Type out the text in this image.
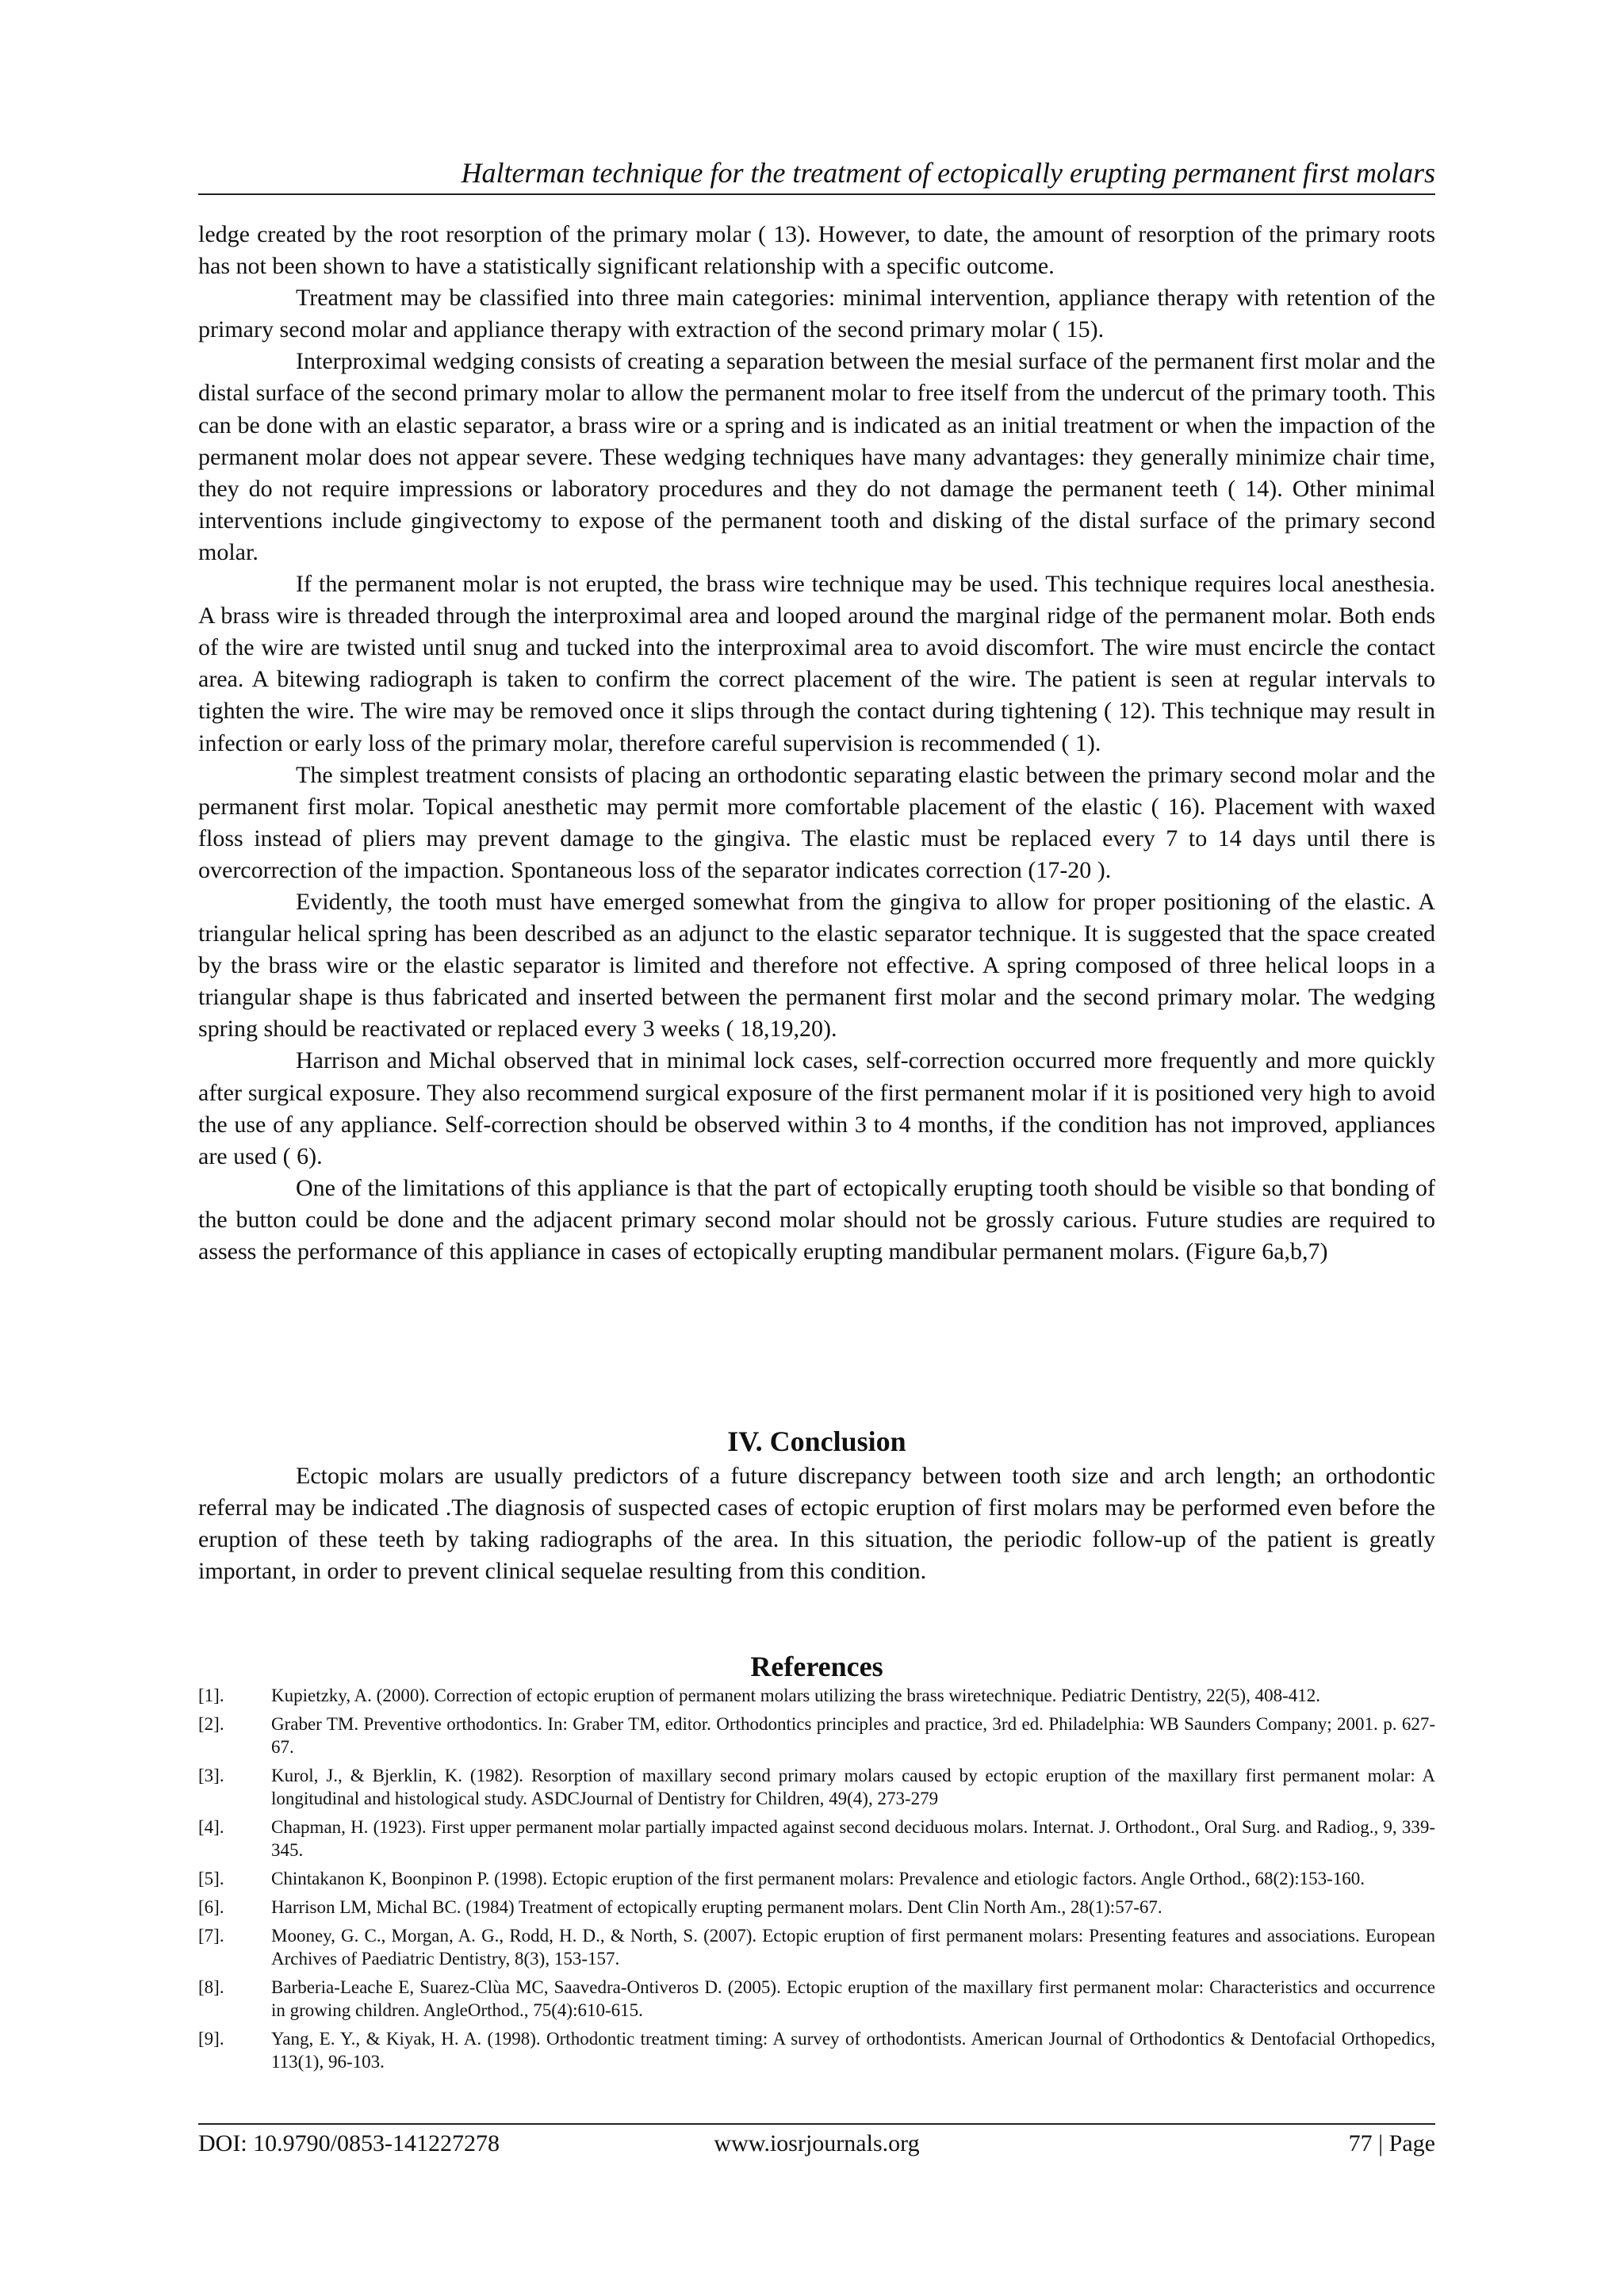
Halterman technique for the treatment of ectopically erupting permanent first molars

ledge created by the root resorption of the primary molar ( 13). However, to date, the amount of resorption of the primary roots has not been shown to have a statistically significant relationship with a specific outcome.

Treatment may be classified into three main categories: minimal intervention, appliance therapy with retention of the primary second molar and appliance therapy with extraction of the second primary molar ( 15).

Interproximal wedging consists of creating a separation between the mesial surface of the permanent first molar and the distal surface of the second primary molar to allow the permanent molar to free itself from the undercut of the primary tooth. This can be done with an elastic separator, a brass wire or a spring and is indicated as an initial treatment or when the impaction of the permanent molar does not appear severe. These wedging techniques have many advantages: they generally minimize chair time, they do not require impressions or laboratory procedures and they do not damage the permanent teeth ( 14). Other minimal interventions include gingivectomy to expose of the permanent tooth and disking of the distal surface of the primary second molar.

If the permanent molar is not erupted, the brass wire technique may be used. This technique requires local anesthesia. A brass wire is threaded through the interproximal area and looped around the marginal ridge of the permanent molar. Both ends of the wire are twisted until snug and tucked into the interproximal area to avoid discomfort. The wire must encircle the contact area. A bitewing radiograph is taken to confirm the correct placement of the wire. The patient is seen at regular intervals to tighten the wire. The wire may be removed once it slips through the contact during tightening ( 12). This technique may result in infection or early loss of the primary molar, therefore careful supervision is recommended ( 1).

The simplest treatment consists of placing an orthodontic separating elastic between the primary second molar and the permanent first molar. Topical anesthetic may permit more comfortable placement of the elastic ( 16). Placement with waxed floss instead of pliers may prevent damage to the gingiva. The elastic must be replaced every 7 to 14 days until there is overcorrection of the impaction. Spontaneous loss of the separator indicates correction (17-20 ).

Evidently, the tooth must have emerged somewhat from the gingiva to allow for proper positioning of the elastic. A triangular helical spring has been described as an adjunct to the elastic separator technique. It is suggested that the space created by the brass wire or the elastic separator is limited and therefore not effective. A spring composed of three helical loops in a triangular shape is thus fabricated and inserted between the permanent first molar and the second primary molar. The wedging spring should be reactivated or replaced every 3 weeks ( 18,19,20).

Harrison and Michal observed that in minimal lock cases, self-correction occurred more frequently and more quickly after surgical exposure. They also recommend surgical exposure of the first permanent molar if it is positioned very high to avoid the use of any appliance. Self-correction should be observed within 3 to 4 months, if the condition has not improved, appliances are used ( 6).

One of the limitations of this appliance is that the part of ectopically erupting tooth should be visible so that bonding of the button could be done and the adjacent primary second molar should not be grossly carious. Future studies are required to assess the performance of this appliance in cases of ectopically erupting mandibular permanent molars. (Figure 6a,b,7)

IV. Conclusion

Ectopic molars are usually predictors of a future discrepancy between tooth size and arch length; an orthodontic referral may be indicated .The diagnosis of suspected cases of ectopic eruption of first molars may be performed even before the eruption of these teeth by taking radiographs of the area. In this situation, the periodic follow-up of the patient is greatly important, in order to prevent clinical sequelae resulting from this condition.

References
[1].	Kupietzky, A. (2000). Correction of ectopic eruption of permanent molars utilizing the brass wiretechnique. Pediatric Dentistry, 22(5), 408-412.
[2].	Graber TM. Preventive orthodontics. In: Graber TM, editor. Orthodontics principles and practice, 3rd ed. Philadelphia: WB Saunders Company; 2001. p. 627-67.
[3].	Kurol, J., & Bjerklin, K. (1982). Resorption of maxillary second primary molars caused by ectopic eruption of the maxillary first permanent molar: A longitudinal and histological study. ASDCJournal of Dentistry for Children, 49(4), 273-279
[4].	Chapman, H. (1923). First upper permanent molar partially impacted against second deciduous molars. Internat. J. Orthodont., Oral Surg. and Radiog., 9, 339- 345.
[5].	Chintakanon K, Boonpinon P. (1998). Ectopic eruption of the first permanent molars: Prevalence and etiologic factors. Angle Orthod., 68(2):153-160.
[6].	Harrison LM, Michal BC. (1984) Treatment of ectopically erupting permanent molars. Dent Clin North Am., 28(1):57-67.
[7].	Mooney, G. C., Morgan, A. G., Rodd, H. D., & North, S. (2007). Ectopic eruption of first permanent molars: Presenting features and associations. European Archives of Paediatric Dentistry, 8(3), 153-157.
[8].	Barberia-Leache E, Suarez-Clùa MC, Saavedra-Ontiveros D. (2005). Ectopic eruption of the maxillary first permanent molar: Characteristics and occurrence in growing children. AngleOrthod., 75(4):610-615.
[9].	Yang, E. Y., & Kiyak, H. A. (1998). Orthodontic treatment timing: A survey of orthodontists. American Journal of Orthodontics & Dentofacial Orthopedics, 113(1), 96-103.
DOI: 10.9790/0853-141227278	www.iosrjournals.org	77 | Page
